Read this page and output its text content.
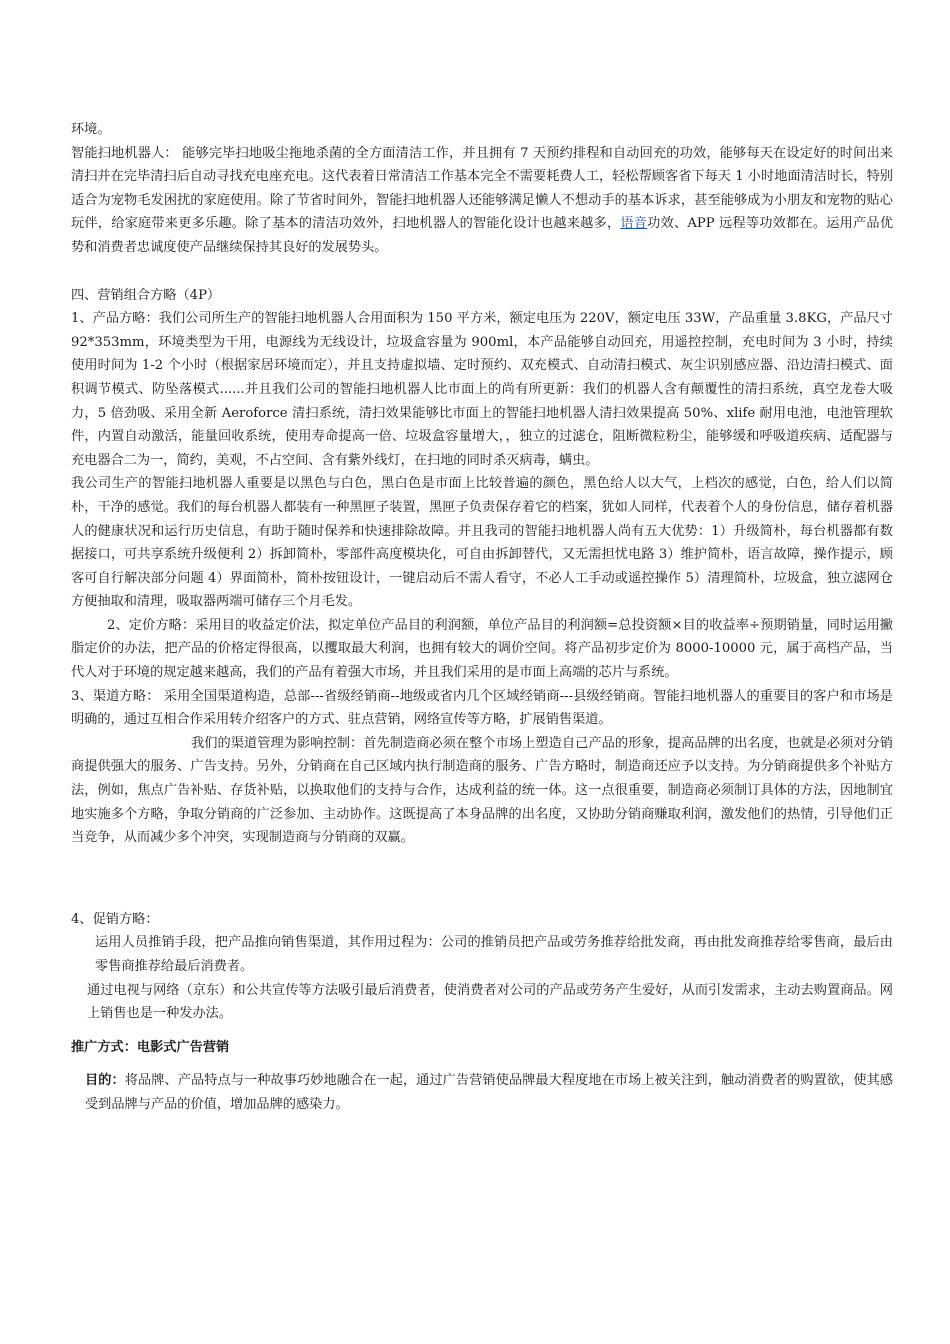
环境。

智能扫地机器人： 能够完毕扫地吸尘拖地杀菌的全方面清洁工作，并且拥有 7 天预约排程和自动回充的功效，能够每天在设定好的时间出来清扫并在完毕清扫后自动寻找充电座充电。这代表着日常清洁工作基本完全不需要耗费人工，轻松帮顾客省下每天 1 小时地面清洁时长，特别适合为宠物毛发困扰的家庭使用。除了节省时间外，智能扫地机器人还能够满足懒人不想动手的基本诉求，甚至能够成为小朋友和宠物的贴心玩伴，给家庭带来更多乐趣。除了基本的清洁功效外，扫地机器人的智能化设计也越来越多，语音功效、APP 远程等功效都在。运用产品优势和消费者忠诚度使产品继续保持其良好的发展势头。

四、营销组合方略（4P）

1、产品方略：我们公司所生产的智能扫地机器人合用面积为 150 平方米，额定电压为 220V，额定电压 33W，产品重量 3.8KG，产品尺寸 92*353mm，环境类型为干用，电源线为无线设计，垃圾盒容量为 900ml，本产品能够自动回充，用遥控控制，充电时间为 3 小时，持续使用时间为 1-2 个小时（根据家居环境而定），并且支持虚拟墙、定时预约、双充模式、自动清扫模式、灰尘识别感应器、沿边清扫模式、面积调节模式、防坠落模式......并且我们公司的智能扫地机器人比市面上的尚有所更新：我们的机器人含有颠覆性的清扫系统，真空龙卷大吸力，5 倍劲吸、采用全新 Aeroforce 清扫系统，清扫效果能够比市面上的智能扫地机器人清扫效果提高 50%、xlife 耐用电池，电池管理软件，内置自动激活，能量回收系统，使用寿命提高一倍、垃圾盒容量增大，，独立的过滤仓，阻断微粒粉尘，能够缓和呼吸道疾病、适配器与充电器合二为一，简约，美观，不占空间、含有紫外线灯，在扫地的同时杀灭病毒，螨虫。

我公司生产的智能扫地机器人重要是以黑色与白色，黑白色是市面上比较普遍的颜色，黑色给人以大气，上档次的感觉，白色，给人们以简朴，干净的感觉。我们的每台机器人都装有一种黑匣子装置，黑匣子负责保存着它的档案，犹如人同样，代表着个人的身份信息，储存着机器人的健康状况和运行历史信息，有助于随时保养和快速排除故障。并且我司的智能扫地机器人尚有五大优势：1）升级简朴，每台机器都有数据接口，可共享系统升级便利 2）拆卸简朴，零部件高度模块化，可自由拆卸替代，又无需担忧电路 3）维护简朴，语言故障，操作提示，顾客可自行解决部分问题 4）界面简朴，简朴按钮设计，一键启动后不需人看守，不必人工手动或遥控操作 5）清理简朴，垃圾盒，独立滤网仓方便抽取和清理，吸取器两端可储存三个月毛发。

2、定价方略：采用目的收益定价法，拟定单位产品目的利润额，单位产品目的利润额=总投资额×目的收益率÷预期销量，同时运用撇脂定价的办法，把产品的价格定得很高，以攫取最大利润，也拥有较大的调价空间。将产品初步定价为 8000-10000 元，属于高档产品，当代人对于环境的规定越来越高，我们的产品有着强大市场，并且我们采用的是市面上高端的芯片与系统。

3、渠道方略： 采用全国渠道构造，总部---省级经销商--地级或省内几个区域经销商---县级经销商。智能扫地机器人的重要目的客户和市场是明确的，通过互相合作采用转介绍客户的方式、驻点营销，网络宣传等方略，扩展销售渠道。

我们的渠道管理为影响控制：首先制造商必须在整个市场上塑造自己产品的形象，提高品牌的出名度，也就是必须对分销商提供强大的服务、广告支持。另外，分销商在自己区域内执行制造商的服务、广告方略时，制造商还应予以支持。为分销商提供多个补贴方法，例如，焦点广告补贴、存货补贴，以换取他们的支持与合作，达成利益的统一体。这一点很重要，制造商必须制订具体的方法，因地制宜地实施多个方略，争取分销商的广泛参加、主动协作。这既提高了本身品牌的出名度，又协助分销商赚取利润，激发他们的热情，引导他们正当竞争，从而减少多个冲突，实现制造商与分销商的双赢。

4、促销方略：

运用人员推销手段，把产品推向销售渠道，其作用过程为：公司的推销员把产品或劳务推荐给批发商，再由批发商推荐给零售商，最后由零售商推荐给最后消费者。

通过电视与网络（京东）和公共宣传等方法吸引最后消费者，使消费者对公司的产品或劳务产生爱好，从而引发需求，主动去购置商品。网上销售也是一种发办法。

推广方式：电影式广告营销

目的：将品牌、产品特点与一种故事巧妙地融合在一起，通过广告营销使品牌最大程度地在市场上被关注到，触动消费者的购置欲，使其感受到品牌与产品的价值，增加品牌的感染力。
